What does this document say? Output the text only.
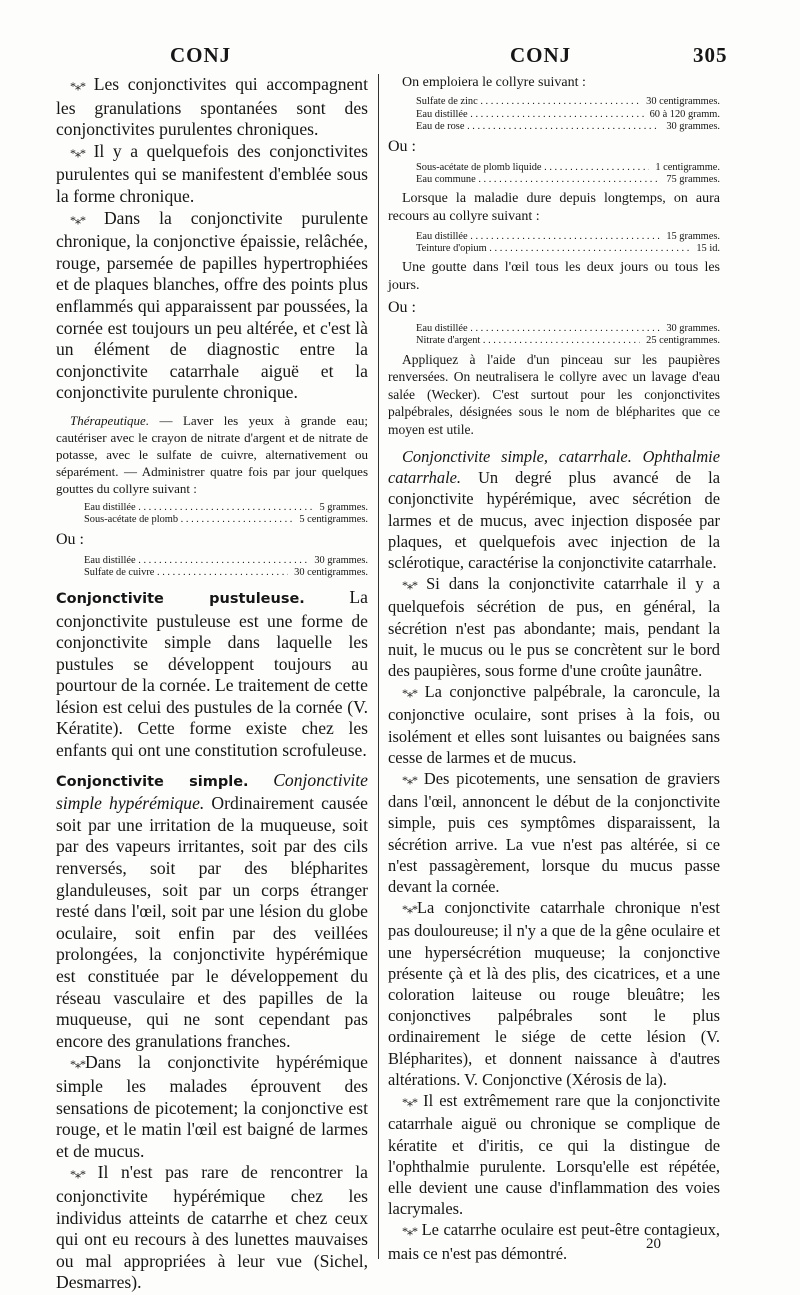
CONJ	CONJ	305

*⁎* Les conjonctivites qui accompagnent les granulations spontanées sont des conjonctivites purulentes chroniques.

*⁎* Il y a quelquefois des conjonctivites purulentes qui se manifestent d'emblée sous la forme chronique.

*⁎* Dans la conjonctivite purulente chronique, la conjonctive épaissie, relâchée, rouge, parsemée de papilles hypertrophiées et de plaques blanches, offre des points plus enflammés qui apparaissent par poussées, la cornée est toujours un peu altérée, et c'est là un élément de diagnostic entre la conjonctivite catarrhale aiguë et la conjonctivite purulente chronique.

Thérapeutique. — Laver les yeux à grande eau; cautériser avec le crayon de nitrate d'argent et de nitrate de potasse, avec le sulfate de cuivre, alternativement ou séparément. — Administrer quatre fois par jour quelques gouttes du collyre suivant :

Eau distillée . . .	5 grammes.
Sous-acétate de plomb . . .	5 centigrammes.

Ou :

Eau distillée . . .	30 grammes.
Sulfate de cuivre . . .	30 centigrammes.

Conjonctivite pustuleuse. La conjonctivite pustuleuse est une forme de conjonctivite simple dans laquelle les pustules se développent toujours au pourtour de la cornée. Le traitement de cette lésion est celui des pustules de la cornée (V. Kératite). Cette forme existe chez les enfants qui ont une constitution scrofuleuse.

Conjonctivite simple. Conjonctivite simple hypérémique. Ordinairement causée soit par une irritation de la muqueuse, soit par des vapeurs irritantes, soit par des cils renversés, soit par des blépharites glanduleuses, soit par un corps étranger resté dans l'œil, soit par une lésion du globe oculaire, soit enfin par des veillées prolongées, la conjonctivite hypérémique est constituée par le développement du réseau vasculaire et des papilles de la muqueuse, qui ne sont cependant pas encore des granulations franches.

*⁎*Dans la conjonctivite hypérémique simple les malades éprouvent des sensations de picotement; la conjonctive est rouge, et le matin l'œil est baigné de larmes et de mucus.

*⁎* Il n'est pas rare de rencontrer la conjonctivite hypérémique chez les individus atteints de catarrhe et chez ceux qui ont eu recours à des lunettes mauvaises ou mal appropriées à leur vue (Sichel, Desmarres).

On emploiera le collyre suivant :

Sulfate de zinc . . .	30 centigrammes.
Eau distillée . . .	60 à 120 gramm.
Eau de rose . . .	30 grammes.

Ou :

Sous-acétate de plomb liquide . . .	1 centigramme.
Eau commune . . .	75 grammes.

Lorsque la maladie dure depuis longtemps, on aura recours au collyre suivant :

Eau distillée . . .	15 grammes.
Teinture d'opium . . .	15 id.

Une goutte dans l'œil tous les deux jours ou tous les jours.

Ou :

Eau distillée . . .	30 grammes.
Nitrate d'argent . . .	25 centigrammes.

Appliquez à l'aide d'un pinceau sur les paupières renversées. On neutralisera le collyre avec un lavage d'eau salée (Wecker). C'est surtout pour les conjonctivites palpébrales, désignées sous le nom de blépharites que ce moyen est utile.

Conjonctivite simple, catarrhale. Ophthalmie catarrhale. Un degré plus avancé de la conjonctivite hypérémique, avec sécrétion de larmes et de mucus, avec injection disposée par plaques, et quelquefois avec injection de la sclérotique, caractérise la conjonctivite catarrhale.

*⁎* Si dans la conjonctivite catarrhale il y a quelquefois sécrétion de pus, en général, la sécrétion n'est pas abondante; mais, pendant la nuit, le mucus ou le pus se concrètent sur le bord des paupières, sous forme d'une croûte jaunâtre.

*⁎* La conjonctive palpébrale, la caroncule, la conjonctive oculaire, sont prises à la fois, ou isolément et elles sont luisantes ou baignées sans cesse de larmes et de mucus.

*⁎* Des picotements, une sensation de graviers dans l'œil, annoncent le début de la conjonctivite simple, puis ces symptômes disparaissent, la sécrétion arrive. La vue n'est pas altérée, si ce n'est passagèrement, lorsque du mucus passe devant la cornée.

*⁎*La conjonctivite catarrhale chronique n'est pas douloureuse; il n'y a que de la gêne oculaire et une hypersécrétion muqueuse; la conjonctive présente çà et là des plis, des cicatrices, et a une coloration laiteuse ou rouge bleuâtre; les conjonctives palpébrales sont le plus ordinairement le siége de cette lésion (V. Blépharites), et donnent naissance à d'autres altérations. V. Conjonctive (Xérosis de la).

*⁎* Il est extrêmement rare que la conjonctivite catarrhale aiguë ou chronique se complique de kératite et d'iritis, ce qui la distingue de l'ophthalmie purulente. Lorsqu'elle est répétée, elle devient une cause d'inflammation des voies lacrymales.

*⁎* Le catarrhe oculaire est peut-être contagieux, mais ce n'est pas démontré.	20
